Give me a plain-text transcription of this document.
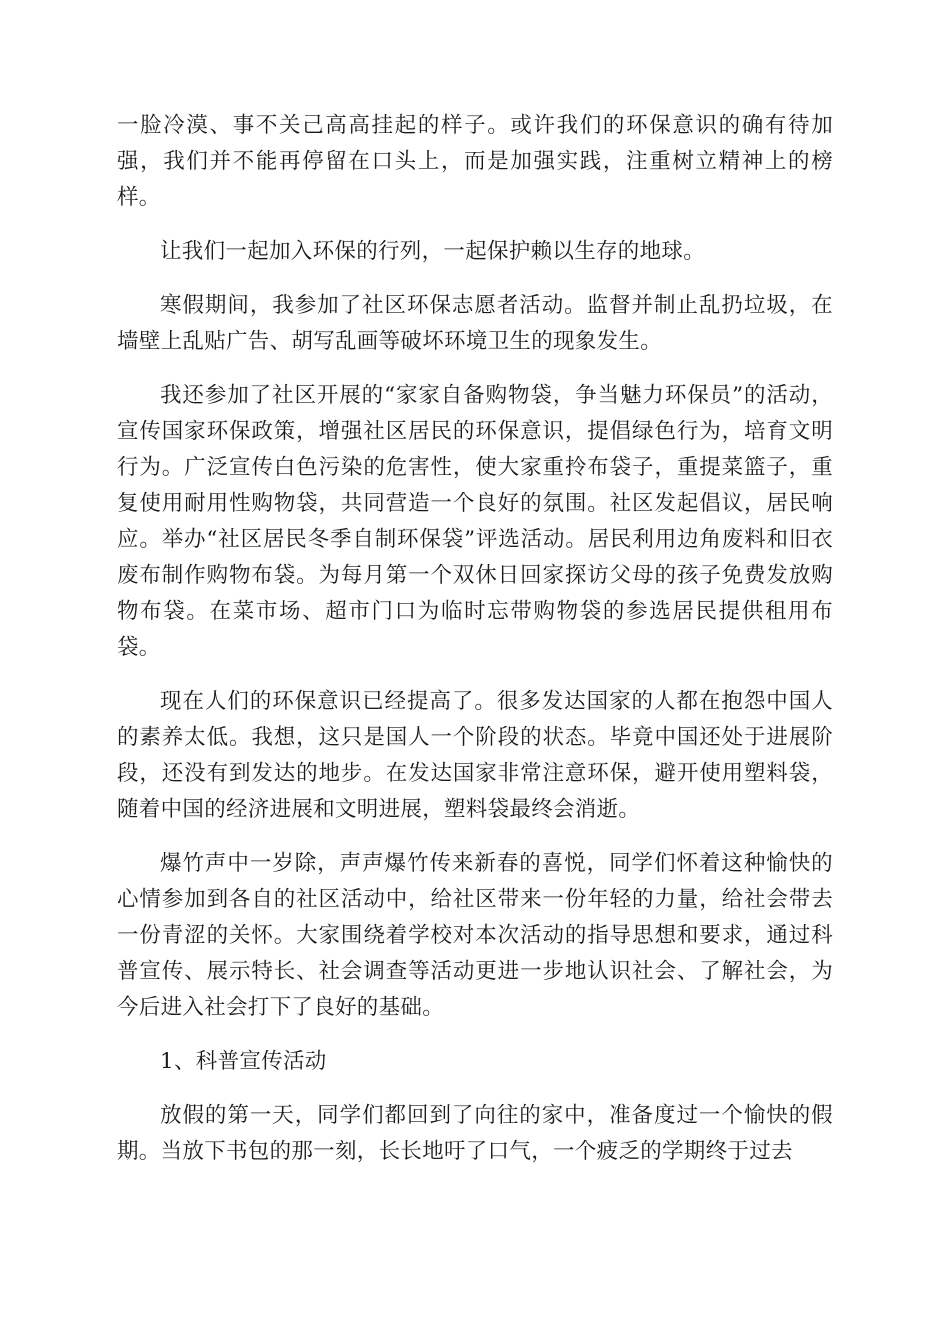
一脸冷漠、事不关己高高挂起的样子。或许我们的环保意识的确有待加强，我们并不能再停留在口头上，而是加强实践，注重树立精神上的榜样。

让我们一起加入环保的行列，一起保护赖以生存的地球。

寒假期间，我参加了社区环保志愿者活动。监督并制止乱扔垃圾，在墙壁上乱贴广告、胡写乱画等破坏环境卫生的现象发生。

我还参加了社区开展的“家家自备购物袋，争当魅力环保员”的活动，宣传国家环保政策，增强社区居民的环保意识，提倡绿色行为，培育文明行为。广泛宣传白色污染的危害性，使大家重拎布袋子，重提菜篮子，重复使用耐用性购物袋，共同营造一个良好的氛围。社区发起倡议，居民响应。举办“社区居民冬季自制环保袋”评选活动。居民利用边角废料和旧衣废布制作购物布袋。为每月第一个双休日回家探访父母的孩子免费发放购物布袋。在菜市场、超市门口为临时忘带购物袋的参选居民提供租用布袋。

现在人们的环保意识已经提高了。很多发达国家的人都在抱怨中国人的素养太低。我想，这只是国人一个阶段的状态。毕竟中国还处于进展阶段，还没有到发达的地步。在发达国家非常注意环保，避开使用塑料袋，随着中国的经济进展和文明进展，塑料袋最终会消逝。

爆竹声中一岁除，声声爆竹传来新春的喜悦，同学们怀着这种愉快的心情参加到各自的社区活动中，给社区带来一份年轻的力量，给社会带去一份青涩的关怀。大家围绕着学校对本次活动的指导思想和要求，通过科普宣传、展示特长、社会调查等活动更进一步地认识社会、了解社会，为今后进入社会打下了良好的基础。

1、科普宣传活动

放假的第一天，同学们都回到了向往的家中，准备度过一个愉快的假期。当放下书包的那一刻，长长地吁了口气，一个疲乏的学期终于过去
